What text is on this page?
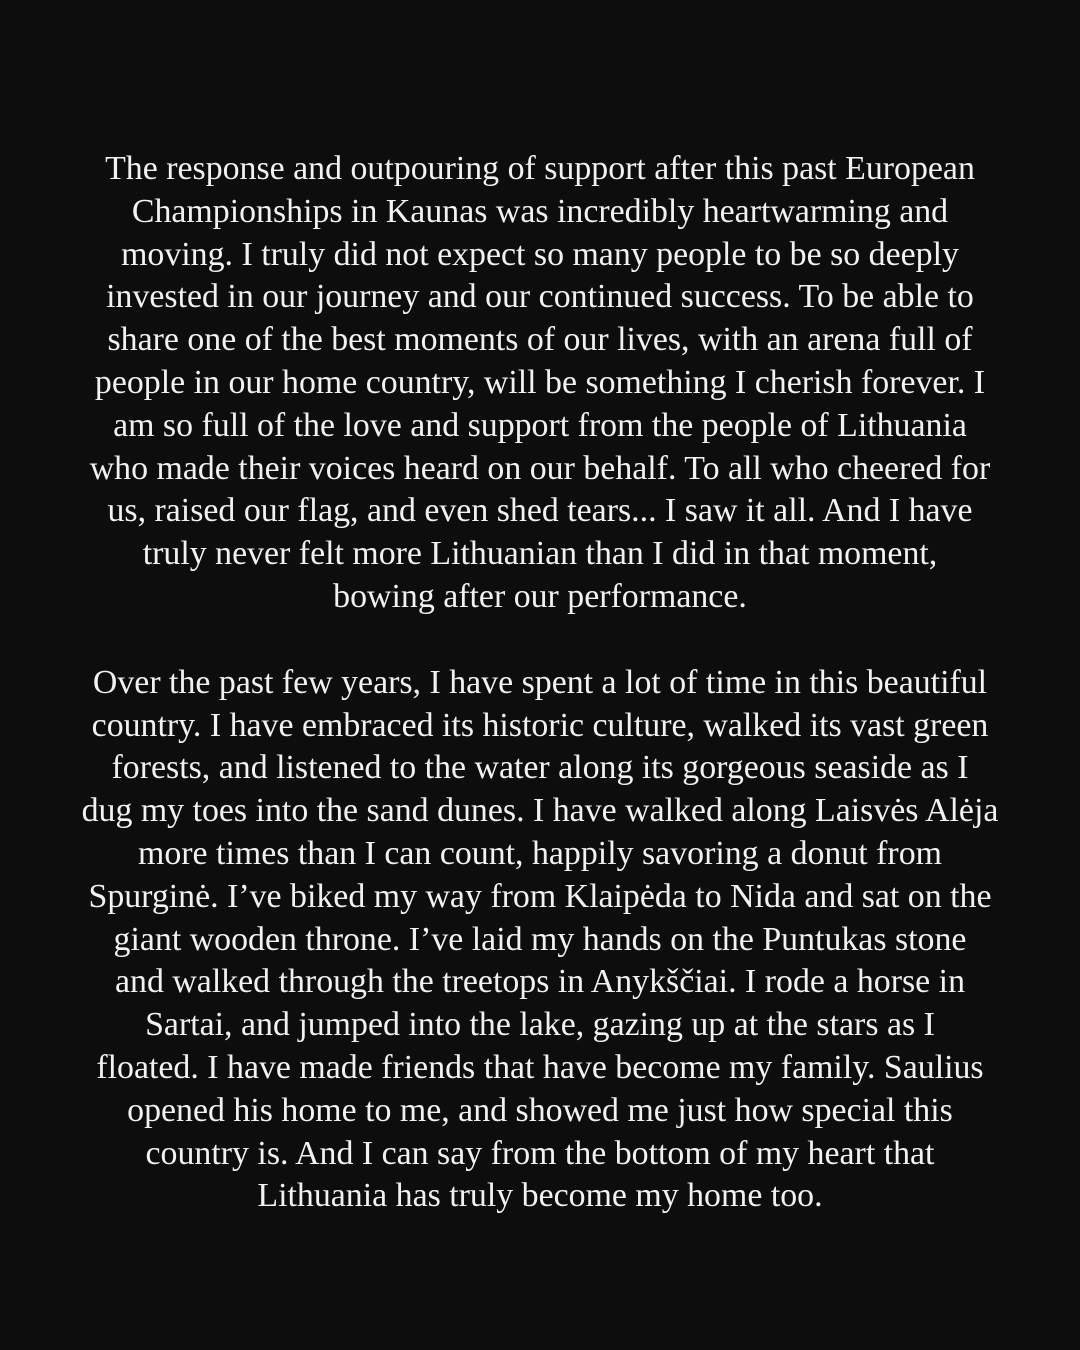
The response and outpouring of support after this past European
Championships in Kaunas was incredibly heartwarming and
moving. I truly did not expect so many people to be so deeply
invested in our journey and our continued success. To be able to
share one of the best moments of our lives, with an arena full of
people in our home country, will be something I cherish forever. I
am so full of the love and support from the people of Lithuania
who made their voices heard on our behalf. To all who cheered for
us, raised our flag, and even shed tears... I saw it all. And I have
truly never felt more Lithuanian than I did in that moment,
bowing after our performance.

Over the past few years, I have spent a lot of time in this beautiful
country. I have embraced its historic culture, walked its vast green
forests, and listened to the water along its gorgeous seaside as I
dug my toes into the sand dunes. I have walked along Laisvės Alėja
more times than I can count, happily savoring a donut from
Spurginė. I’ve biked my way from Klaipėda to Nida and sat on the
giant wooden throne. I’ve laid my hands on the Puntukas stone
and walked through the treetops in Anykščiai. I rode a horse in
Sartai, and jumped into the lake, gazing up at the stars as I
floated. I have made friends that have become my family. Saulius
opened his home to me, and showed me just how special this
country is. And I can say from the bottom of my heart that
Lithuania has truly become my home too.
